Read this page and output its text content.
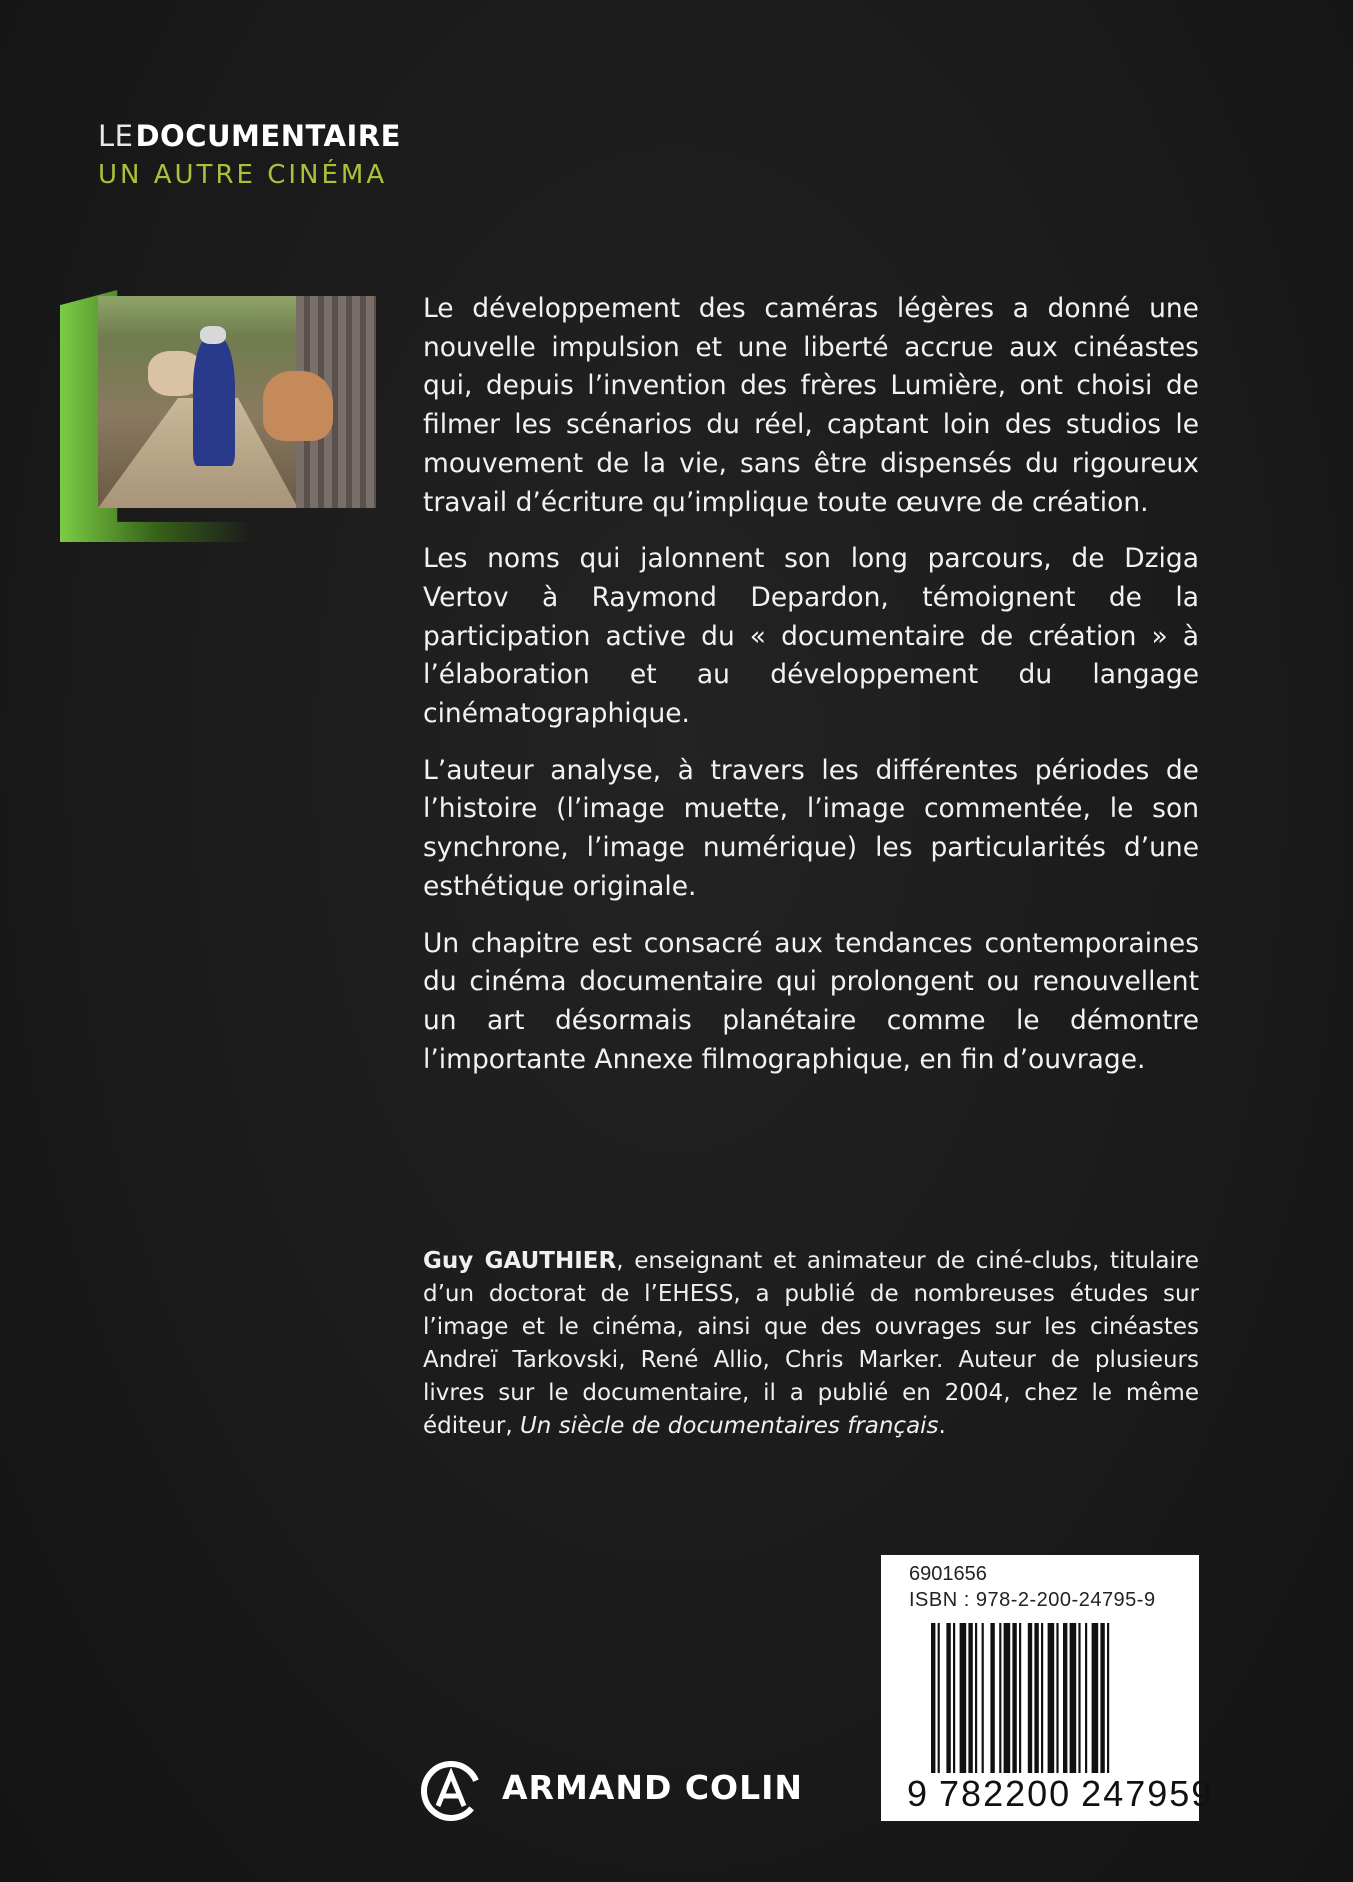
LEDOCUMENTAIRE
UN AUTRE CINÉMA

Le développement des caméras légères a donné une nouvelle impulsion et une liberté accrue aux cinéastes qui, depuis l’invention des frères Lumière, ont choisi de filmer les scénarios du réel, captant loin des studios le mouvement de la vie, sans être dispensés du rigoureux travail d’écriture qu’implique toute œuvre de création.

Les noms qui jalonnent son long parcours, de Dziga Vertov à Raymond Depardon, témoignent de la participation active du « documentaire de création » à l’élaboration et au développement du langage cinématographique.

L’auteur analyse, à travers les différentes périodes de l’histoire (l’image muette, l’image commentée, le son synchrone, l’image numérique) les particularités d’une esthétique originale.

Un chapitre est consacré aux tendances contemporaines du cinéma documentaire qui prolongent ou renouvellent un art désormais planétaire comme le démontre l’importante Annexe filmographique, en fin d’ouvrage.

Guy GAUTHIER, enseignant et animateur de ciné-clubs, titulaire d’un doctorat de l’EHESS, a publié de nombreuses études sur l’image et le cinéma, ainsi que des ouvrages sur les cinéastes Andreï Tarkovski, René Allio, Chris Marker. Auteur de plusieurs livres sur le documentaire, il a publié en 2004, chez le même éditeur, Un siècle de documentaires français.

6901656
ISBN : 978-2-200-24795-9
9 782200 247959
ARMAND COLIN
